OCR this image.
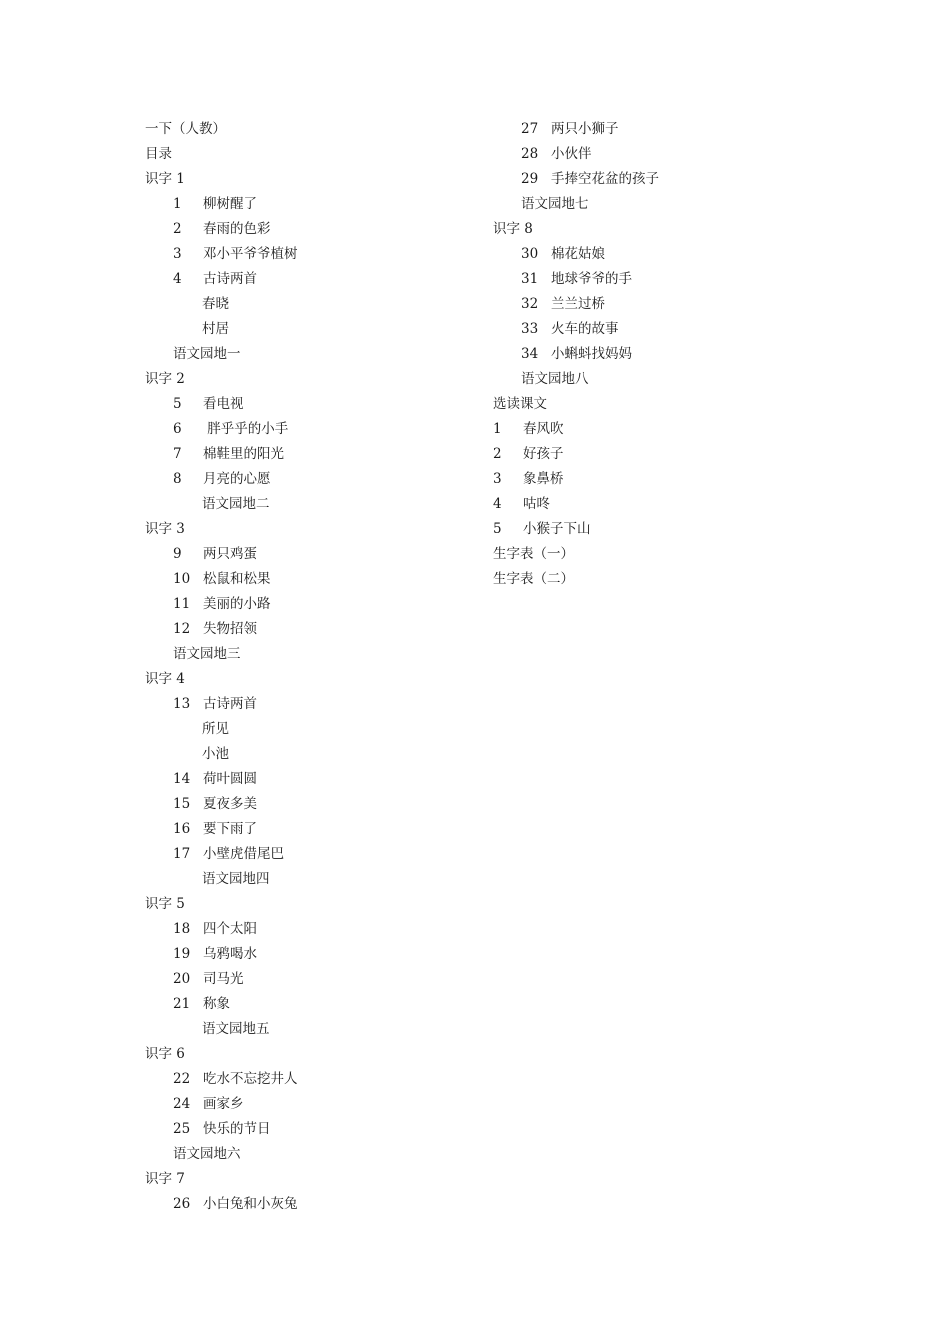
一下（人教）
目录
识字 1
1 柳树醒了
2 春雨的色彩
3 邓小平爷爷植树
4 古诗两首
春晓
村居
语文园地一
识字 2
5 看电视
6 胖乎乎的小手
7 棉鞋里的阳光
8 月亮的心愿
语文园地二
识字 3
9 两只鸡蛋
10 松鼠和松果
11 美丽的小路
12 失物招领
语文园地三
识字 4
13 古诗两首
所见
小池
14 荷叶圆圆
15 夏夜多美
16 要下雨了
17 小壁虎借尾巴
语文园地四
识字 5
18 四个太阳
19 乌鸦喝水
20 司马光
21 称象
语文园地五
识字 6
22 吃水不忘挖井人
24 画家乡
25 快乐的节日
语文园地六
识字 7
26 小白兔和小灰兔
27 两只小狮子
28 小伙伴
29 手捧空花盆的孩子
语文园地七
识字 8
30 棉花姑娘
31 地球爷爷的手
32 兰兰过桥
33 火车的故事
34 小蝌蚪找妈妈
语文园地八
选读课文
1 春风吹
2 好孩子
3 象鼻桥
4 咕咚
5 小猴子下山
生字表（一）
生字表（二）
